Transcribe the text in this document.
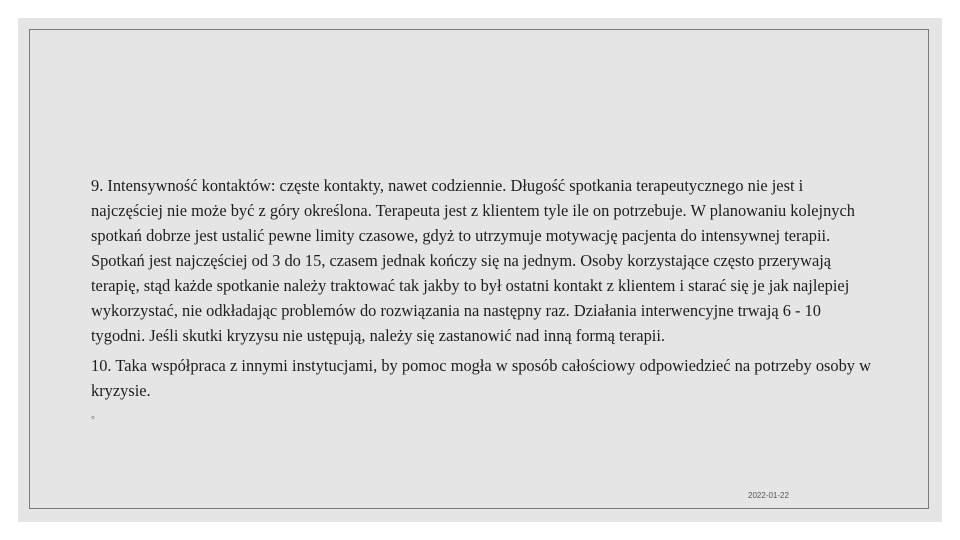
9. Intensywność kontaktów: częste kontakty, nawet codziennie. Długość spotkania terapeutycznego nie jest i najczęściej nie może być z góry określona. Terapeuta jest z klientem tyle ile on potrzebuje. W planowaniu kolejnych spotkań dobrze jest ustalić pewne limity czasowe, gdyż to utrzymuje motywację pacjenta do intensywnej terapii. Spotkań jest najczęściej od 3 do 15, czasem jednak kończy się na jednym. Osoby korzystające często przerywają terapię, stąd każde spotkanie należy traktować tak jakby to był ostatni kontakt z klientem i starać się je jak najlepiej wykorzystać, nie odkładając problemów do rozwiązania na następny raz. Działania interwencyjne trwają 6 - 10 tygodni. Jeśli skutki kryzysu nie ustępują, należy się zastanowić nad inną formą terapii.

10. Taka współpraca z innymi instytucjami, by pomoc mogła w sposób całościowy odpowiedzieć na potrzeby osoby w kryzysie.

◦
2022-01-22
